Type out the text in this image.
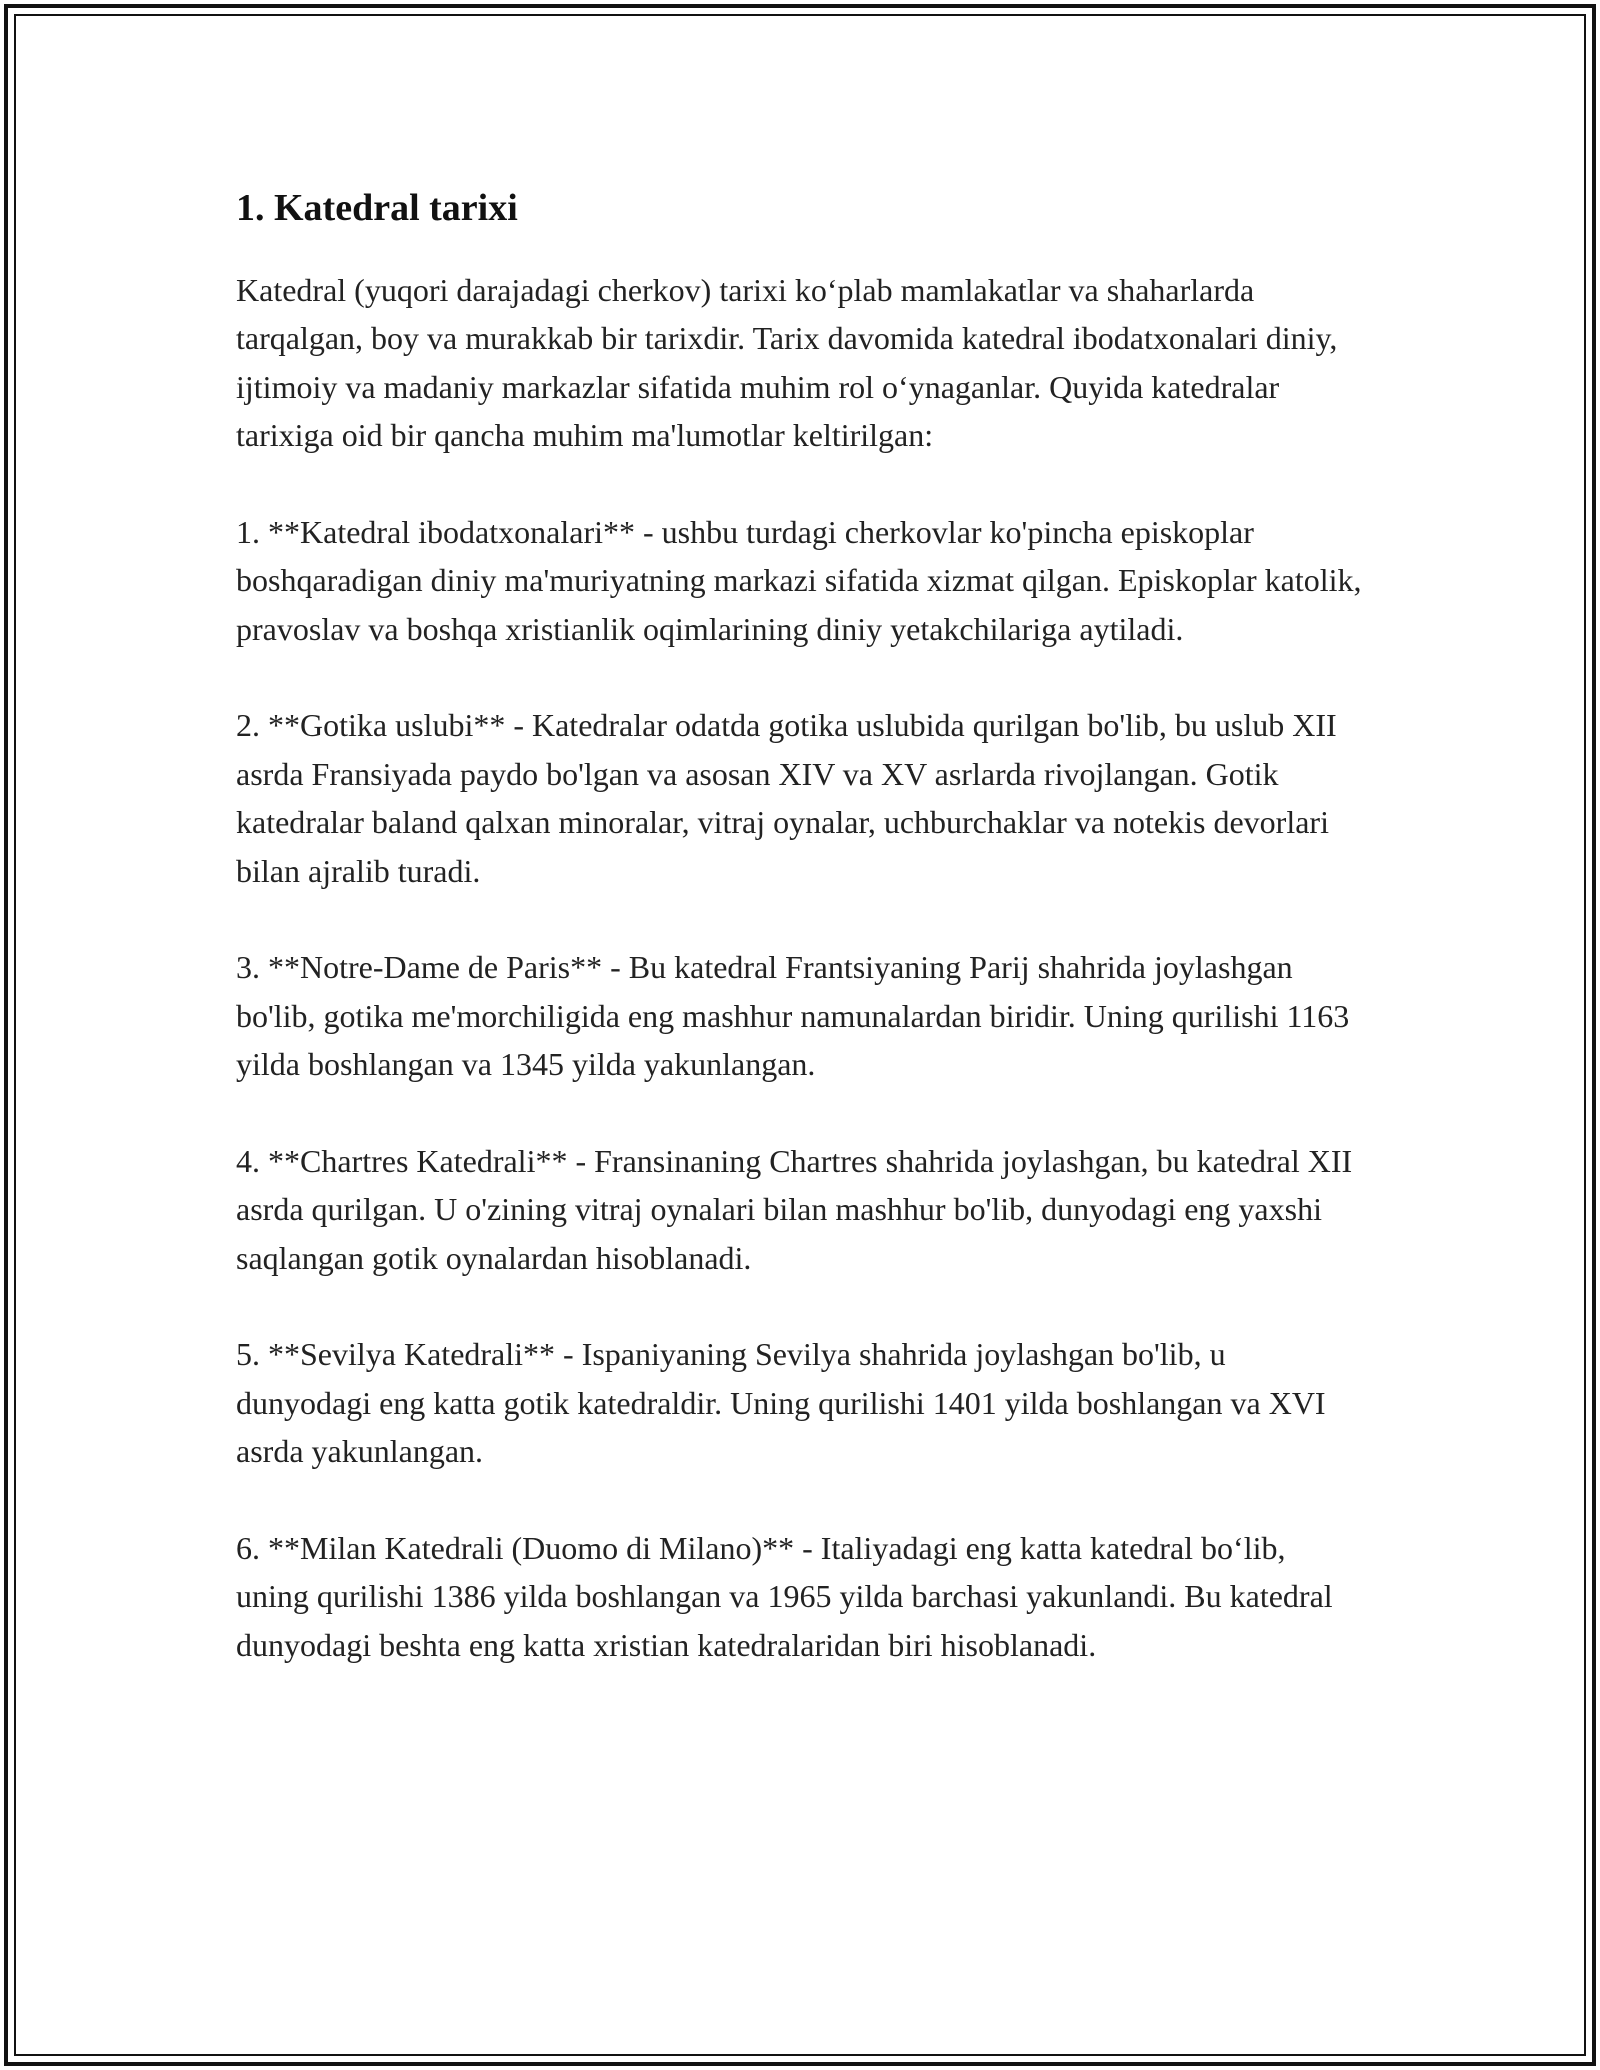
1. Katedral tarixi

Katedral (yuqori darajadagi cherkov) tarixi ko‘plab mamlakatlar va shaharlarda tarqalgan, boy va murakkab bir tarixdir. Tarix davomida katedral ibodatxonalari diniy, ijtimoiy va madaniy markazlar sifatida muhim rol o‘ynaganlar. Quyida katedralar tarixiga oid bir qancha muhim ma'lumotlar keltirilgan:

1. **Katedral ibodatxonalari** - ushbu turdagi cherkovlar ko'pincha episkoplar boshqaradigan diniy ma'muriyatning markazi sifatida xizmat qilgan. Episkoplar katolik, pravoslav va boshqa xristianlik oqimlarining diniy yetakchilariga aytiladi.

2. **Gotika uslubi** - Katedralar odatda gotika uslubida qurilgan bo'lib, bu uslub XII asrda Fransiyada paydo bo'lgan va asosan XIV va XV asrlarda rivojlangan. Gotik katedralar baland qalxan minoralar, vitraj oynalar, uchburchaklar va notekis devorlari bilan ajralib turadi.

3. **Notre-Dame de Paris** - Bu katedral Frantsiyaning Parij shahrida joylashgan bo'lib, gotika me'morchiligida eng mashhur namunalardan biridir. Uning qurilishi 1163 yilda boshlangan va 1345 yilda yakunlangan.

4. **Chartres Katedrali** - Fransinaning Chartres shahrida joylashgan, bu katedral XII asrda qurilgan. U o'zining vitraj oynalari bilan mashhur bo'lib, dunyodagi eng yaxshi saqlangan gotik oynalardan hisoblanadi.

5. **Sevilya Katedrali** - Ispaniyaning Sevilya shahrida joylashgan bo'lib, u dunyodagi eng katta gotik katedraldir. Uning qurilishi 1401 yilda boshlangan va XVI asrda yakunlangan.

6. **Milan Katedrali (Duomo di Milano)** - Italiyadagi eng katta katedral bo‘lib, uning qurilishi 1386 yilda boshlangan va 1965 yilda barchasi yakunlandi. Bu katedral dunyodagi beshta eng katta xristian katedralaridan biri hisoblanadi.
